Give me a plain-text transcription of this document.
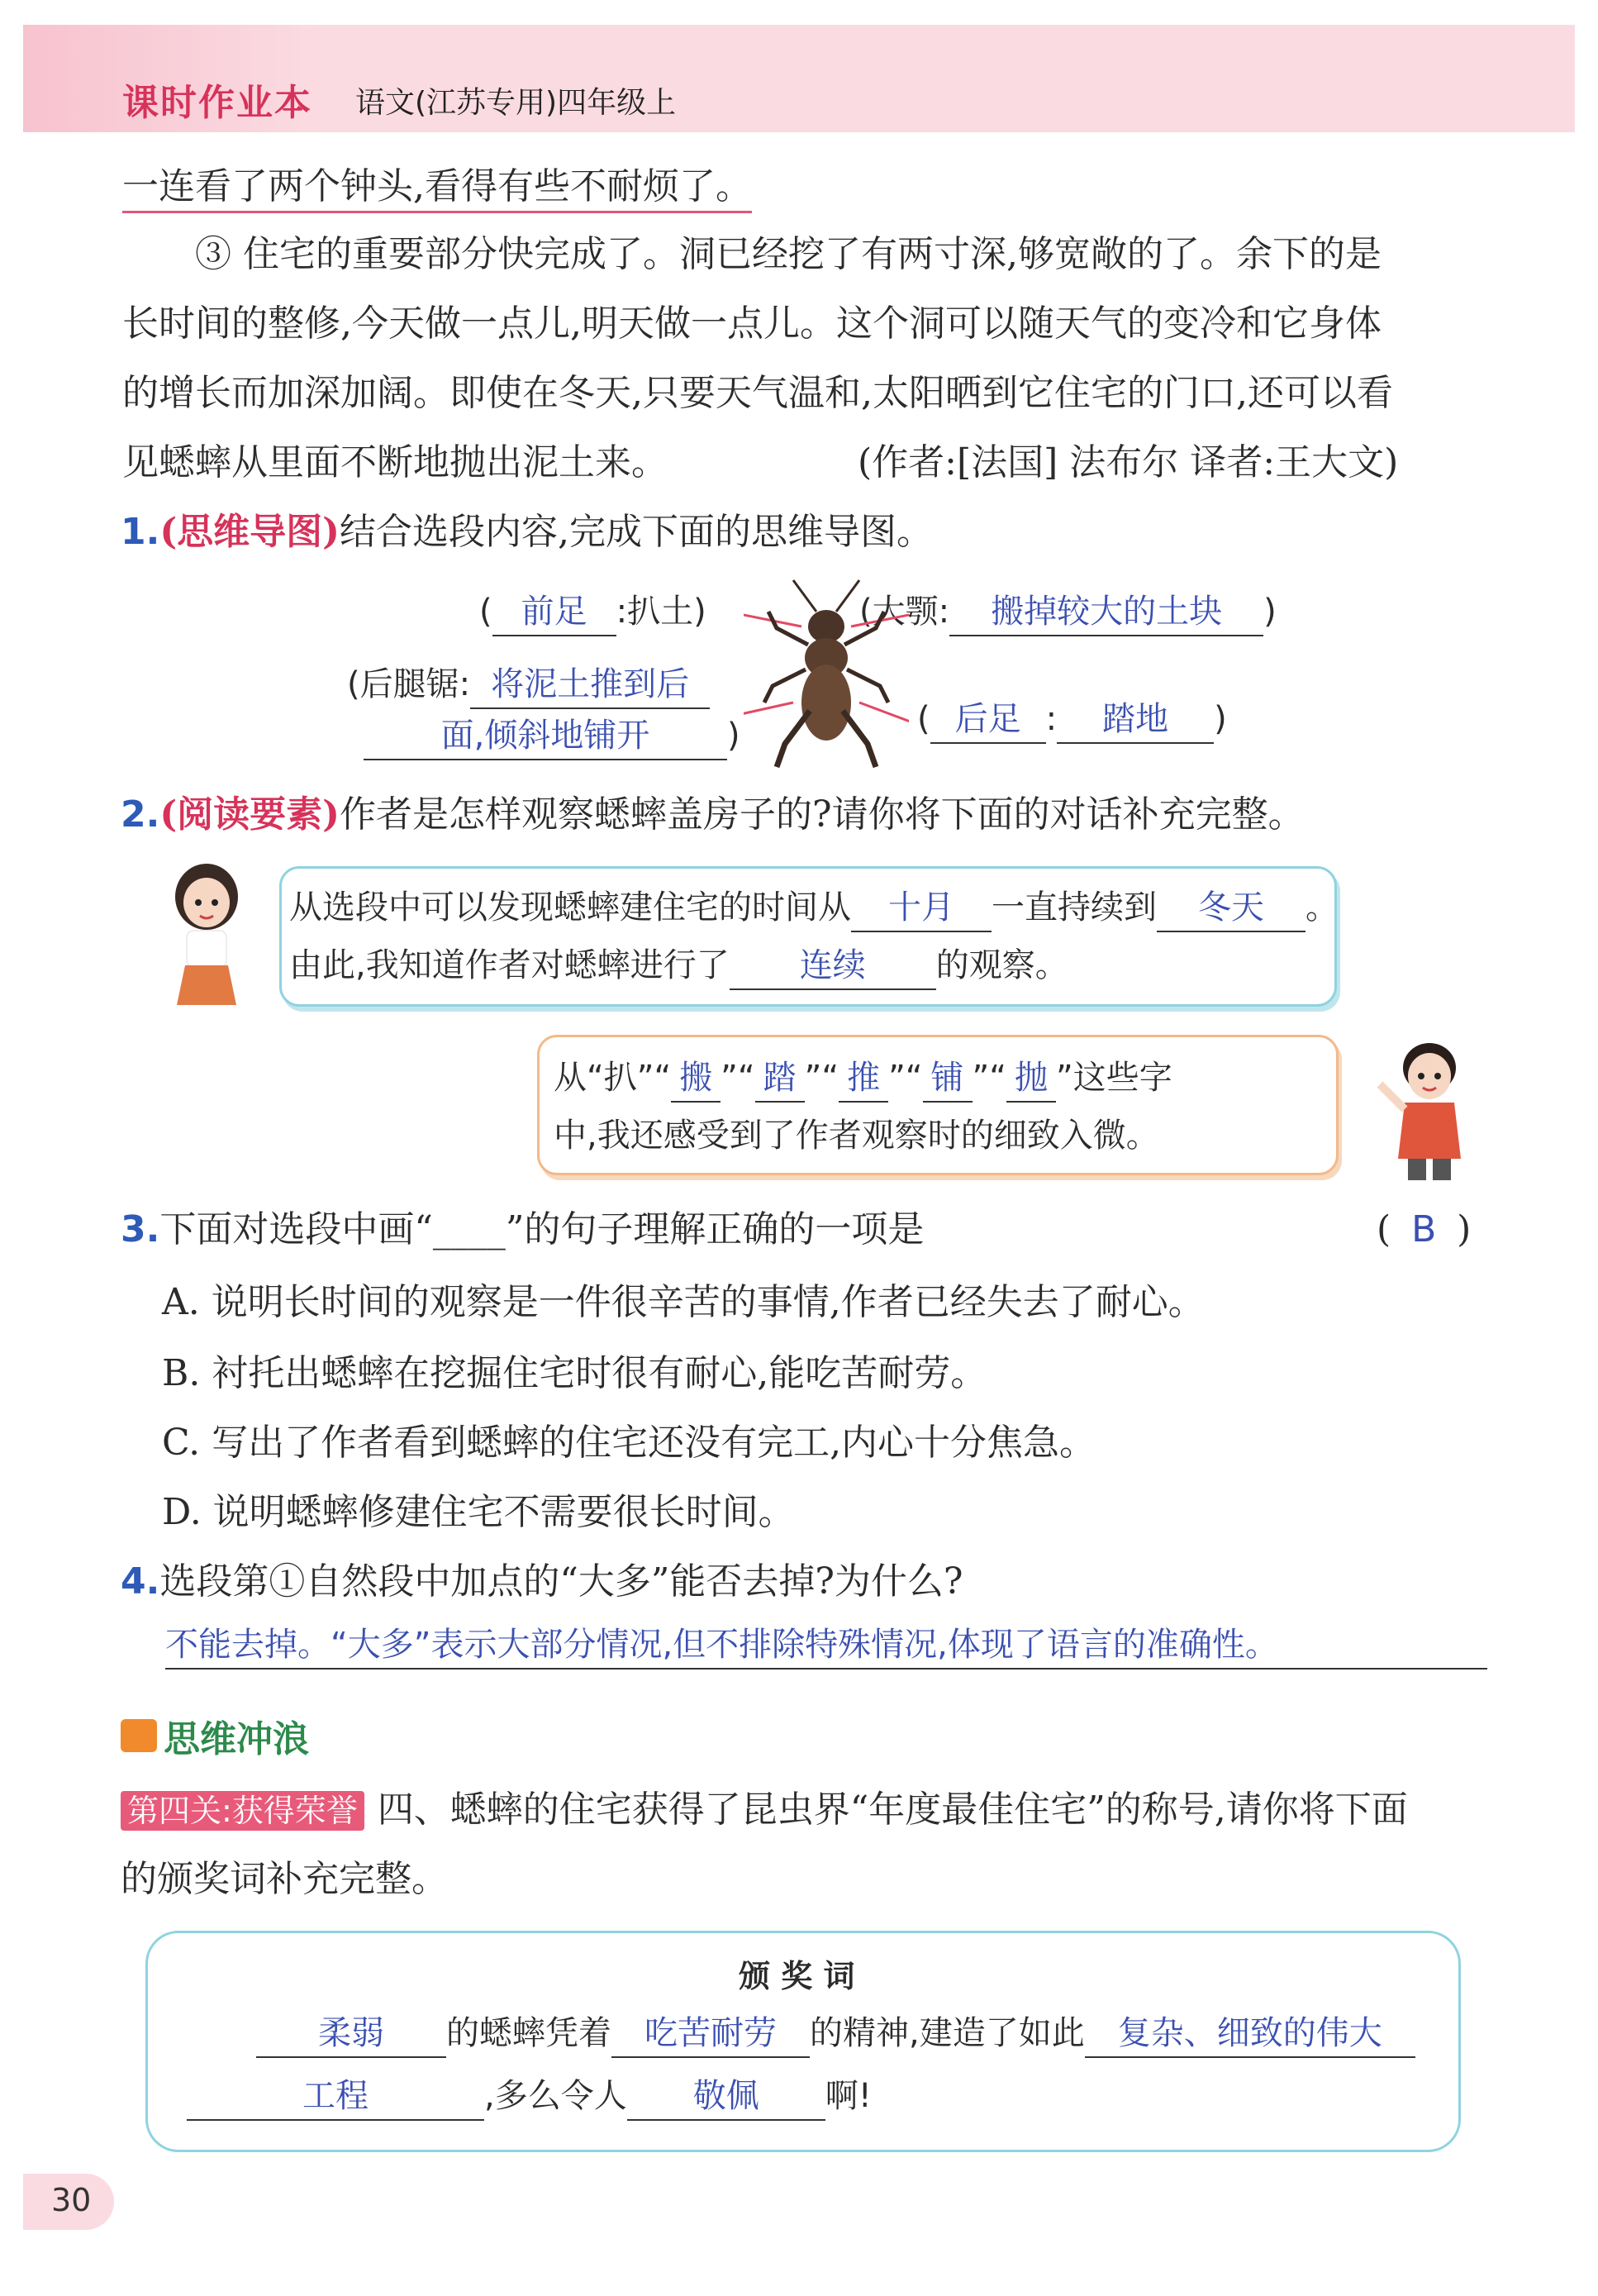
课时作业本 语文(江苏专用)四年级上
一连看了两个钟头,看得有些不耐烦了。
③ 住宅的重要部分快完成了。洞已经挖了有两寸深,够宽敞的了。余下的是
长时间的整修,今天做一点儿,明天做一点儿。这个洞可以随天气的变冷和它身体
的增长而加深加阔。即使在冬天,只要天气温和,太阳晒到它住宅的门口,还可以看
见蟋蟀从里面不断地抛出泥土来。	(作者:[法国] 法布尔 译者:王大文)
1.(思维导图)结合选段内容,完成下面的思维导图。
( 前足 :扒土)	(大颚: 搬掉较大的土块 )
(后腿锯: 将泥土推到后
面,倾斜地铺开 )	( 后足 : 踏地 )
2.(阅读要素)作者是怎样观察蟋蟀盖房子的?请你将下面的对话补充完整。
从选段中可以发现蟋蟀建住宅的时间从 十月 一直持续到 冬天 。
由此,我知道作者对蟋蟀进行了 连续 的观察。
从“扒”“ 搬 ”“ 踏 ”“ 推 ”“ 铺 ”“ 抛 ”这些字
中,我还感受到了作者观察时的细致入微。
3.下面对选段中画“____”的句子理解正确的一项是	( B )
A. 说明长时间的观察是一件很辛苦的事情,作者已经失去了耐心。
B. 衬托出蟋蟀在挖掘住宅时很有耐心,能吃苦耐劳。
C. 写出了作者看到蟋蟀的住宅还没有完工,内心十分焦急。
D. 说明蟋蟀修建住宅不需要很长时间。
4.选段第①自然段中加点的“大多”能否去掉?为什么?
不能去掉。“大多”表示大部分情况,但不排除特殊情况,体现了语言的准确性。
思维冲浪
第四关:获得荣誉 四、蟋蟀的住宅获得了昆虫界“年度最佳住宅”的称号,请你将下面
的颁奖词补充完整。
颁 奖 词
柔弱 的蟋蟀凭着 吃苦耐劳 的精神,建造了如此 复杂、细致的伟大
工程	,多么令人 敬佩 啊!
30
